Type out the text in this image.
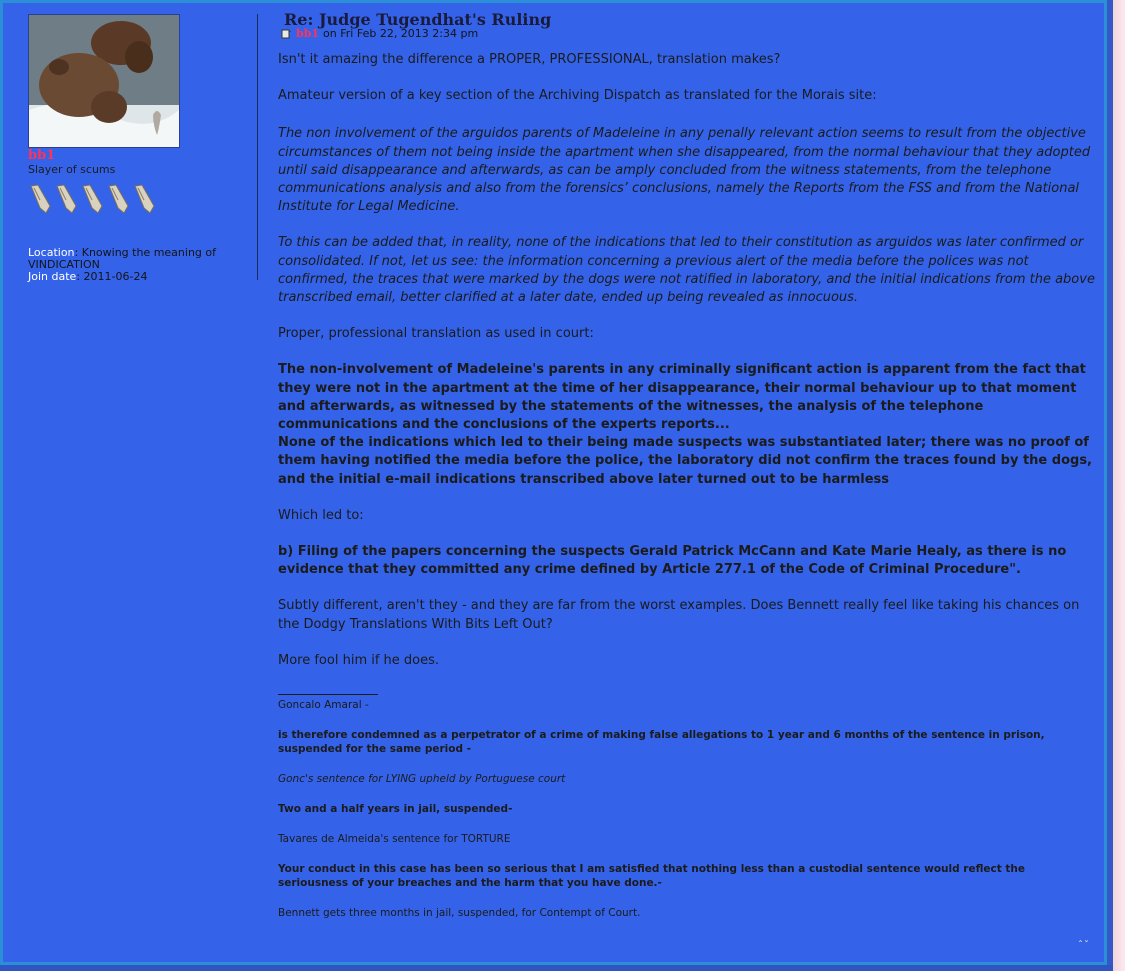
bb1
Slayer of scums
Location: Knowing the meaning of VINDICATION
Join date: 2011-06-24
Re: Judge Tugendhat's Ruling
bb1 on Fri Feb 22, 2013 2:34 pm

Isn't it amazing the difference a PROPER, PROFESSIONAL, translation makes?

Amateur version of a key section of the Archiving Dispatch as translated for the Morais site:

The non involvement of the arguidos parents of Madeleine in any penally relevant action seems to result from the objective circumstances of them not being inside the apartment when she disappeared, from the normal behaviour that they adopted until said disappearance and afterwards, as can be amply concluded from the witness statements, from the telephone communications analysis and also from the forensics’ conclusions, namely the Reports from the FSS and from the National Institute for Legal Medicine.

To this can be added that, in reality, none of the indications that led to their constitution as arguidos was later confirmed or consolidated. If not, let us see: the information concerning a previous alert of the media before the polices was not confirmed, the traces that were marked by the dogs were not ratified in laboratory, and the initial indications from the above transcribed email, better clarified at a later date, ended up being revealed as innocuous.

Proper, professional translation as used in court:

The non-involvement of Madeleine's parents in any criminally significant action is apparent from the fact that they were not in the apartment at the time of her disappearance, their normal behaviour up to that moment and afterwards, as witnessed by the statements of the witnesses, the analysis of the telephone communications and the conclusions of the experts reports...

None of the indications which led to their being made suspects was substantiated later; there was no proof of them having notified the media before the police, the laboratory did not confirm the traces found by the dogs, and the initial e-mail indications transcribed above later turned out to be harmless

Which led to:

b) Filing of the papers concerning the suspects Gerald Patrick McCann and Kate Marie Healy, as there is no evidence that they committed any crime defined by Article 277.1 of the Code of Criminal Procedure".

Subtly different, aren't they - and they are far from the worst examples. Does Bennett really feel like taking his chances on the Dodgy Translations With Bits Left Out?

More fool him if he does.

Goncalo Amaral -

is therefore condemned as a perpetrator of a crime of making false allegations to 1 year and 6 months of the sentence in prison, suspended for the same period -

Gonc's sentence for LYING upheld by Portuguese court

Two and a half years in jail, suspended-

Tavares de Almeida's sentence for TORTURE

Your conduct in this case has been so serious that I am satisfied that nothing less than a custodial sentence would reflect the seriousness of your breaches and the harm that you have done.-

Bennett gets three months in jail, suspended, for Contempt of Court.

ˆˇ
